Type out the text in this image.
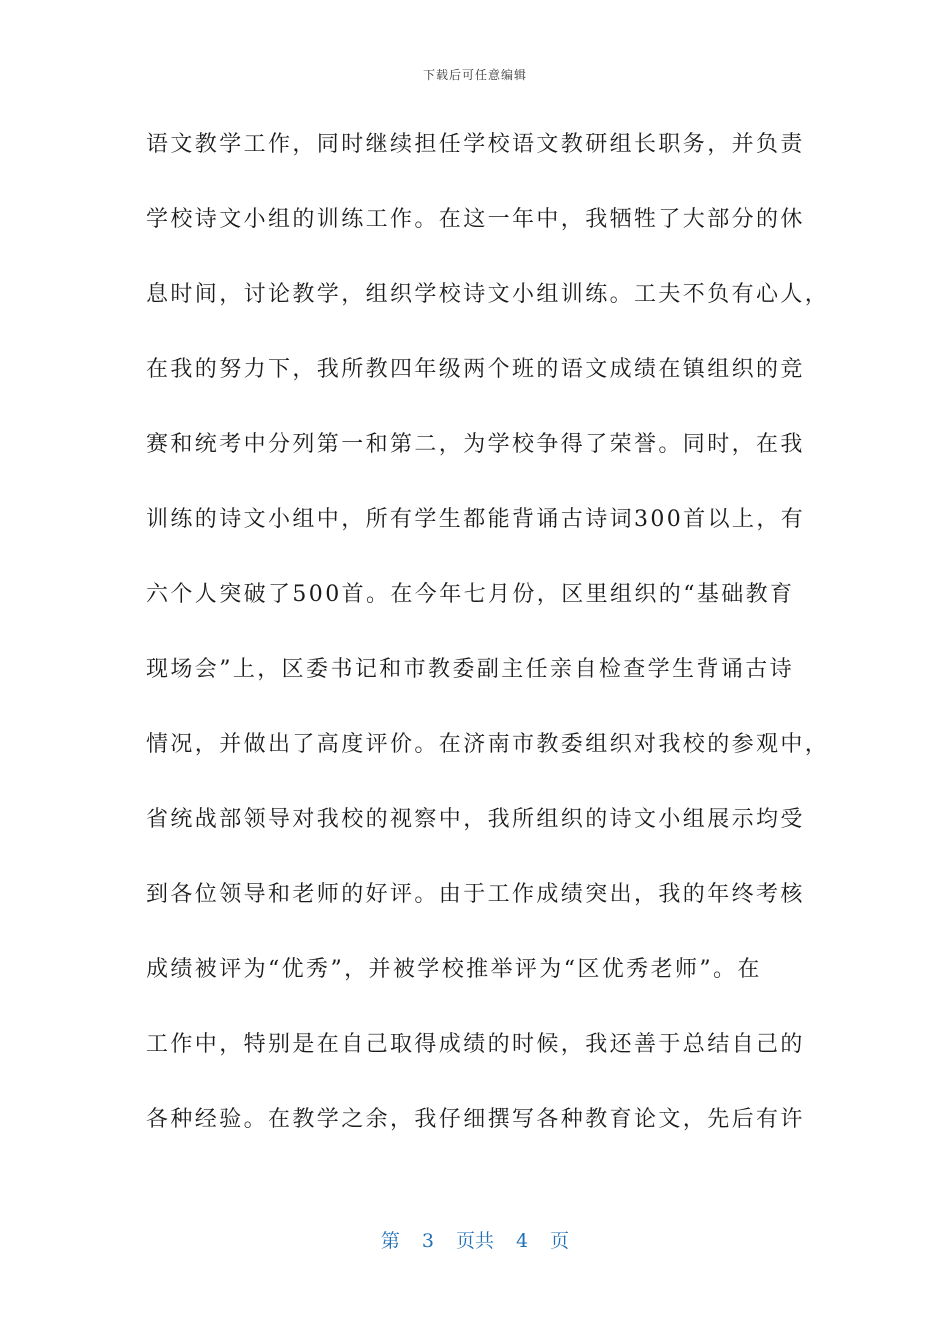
下载后可任意编辑
语文教学工作，同时继续担任学校语文教研组长职务，并负责
学校诗文小组的训练工作。在这一年中，我牺牲了大部分的休
息时间，讨论教学，组织学校诗文小组训练。工夫不负有心人，
在我的努力下，我所教四年级两个班的语文成绩在镇组织的竞
赛和统考中分列第一和第二，为学校争得了荣誉。同时，在我
训练的诗文小组中，所有学生都能背诵古诗词300首以上，有
六个人突破了500首。在今年七月份，区里组织的“基础教育
现场会”上，区委书记和市教委副主任亲自检查学生背诵古诗
情况，并做出了高度评价。在济南市教委组织对我校的参观中，
省统战部领导对我校的视察中，我所组织的诗文小组展示均受
到各位领导和老师的好评。由于工作成绩突出，我的年终考核
成绩被评为“优秀”，并被学校推举评为“区优秀老师”。在
工作中，特别是在自己取得成绩的时候，我还善于总结自己的
各种经验。在教学之余，我仔细撰写各种教育论文，先后有许
第 3 页共 4 页
